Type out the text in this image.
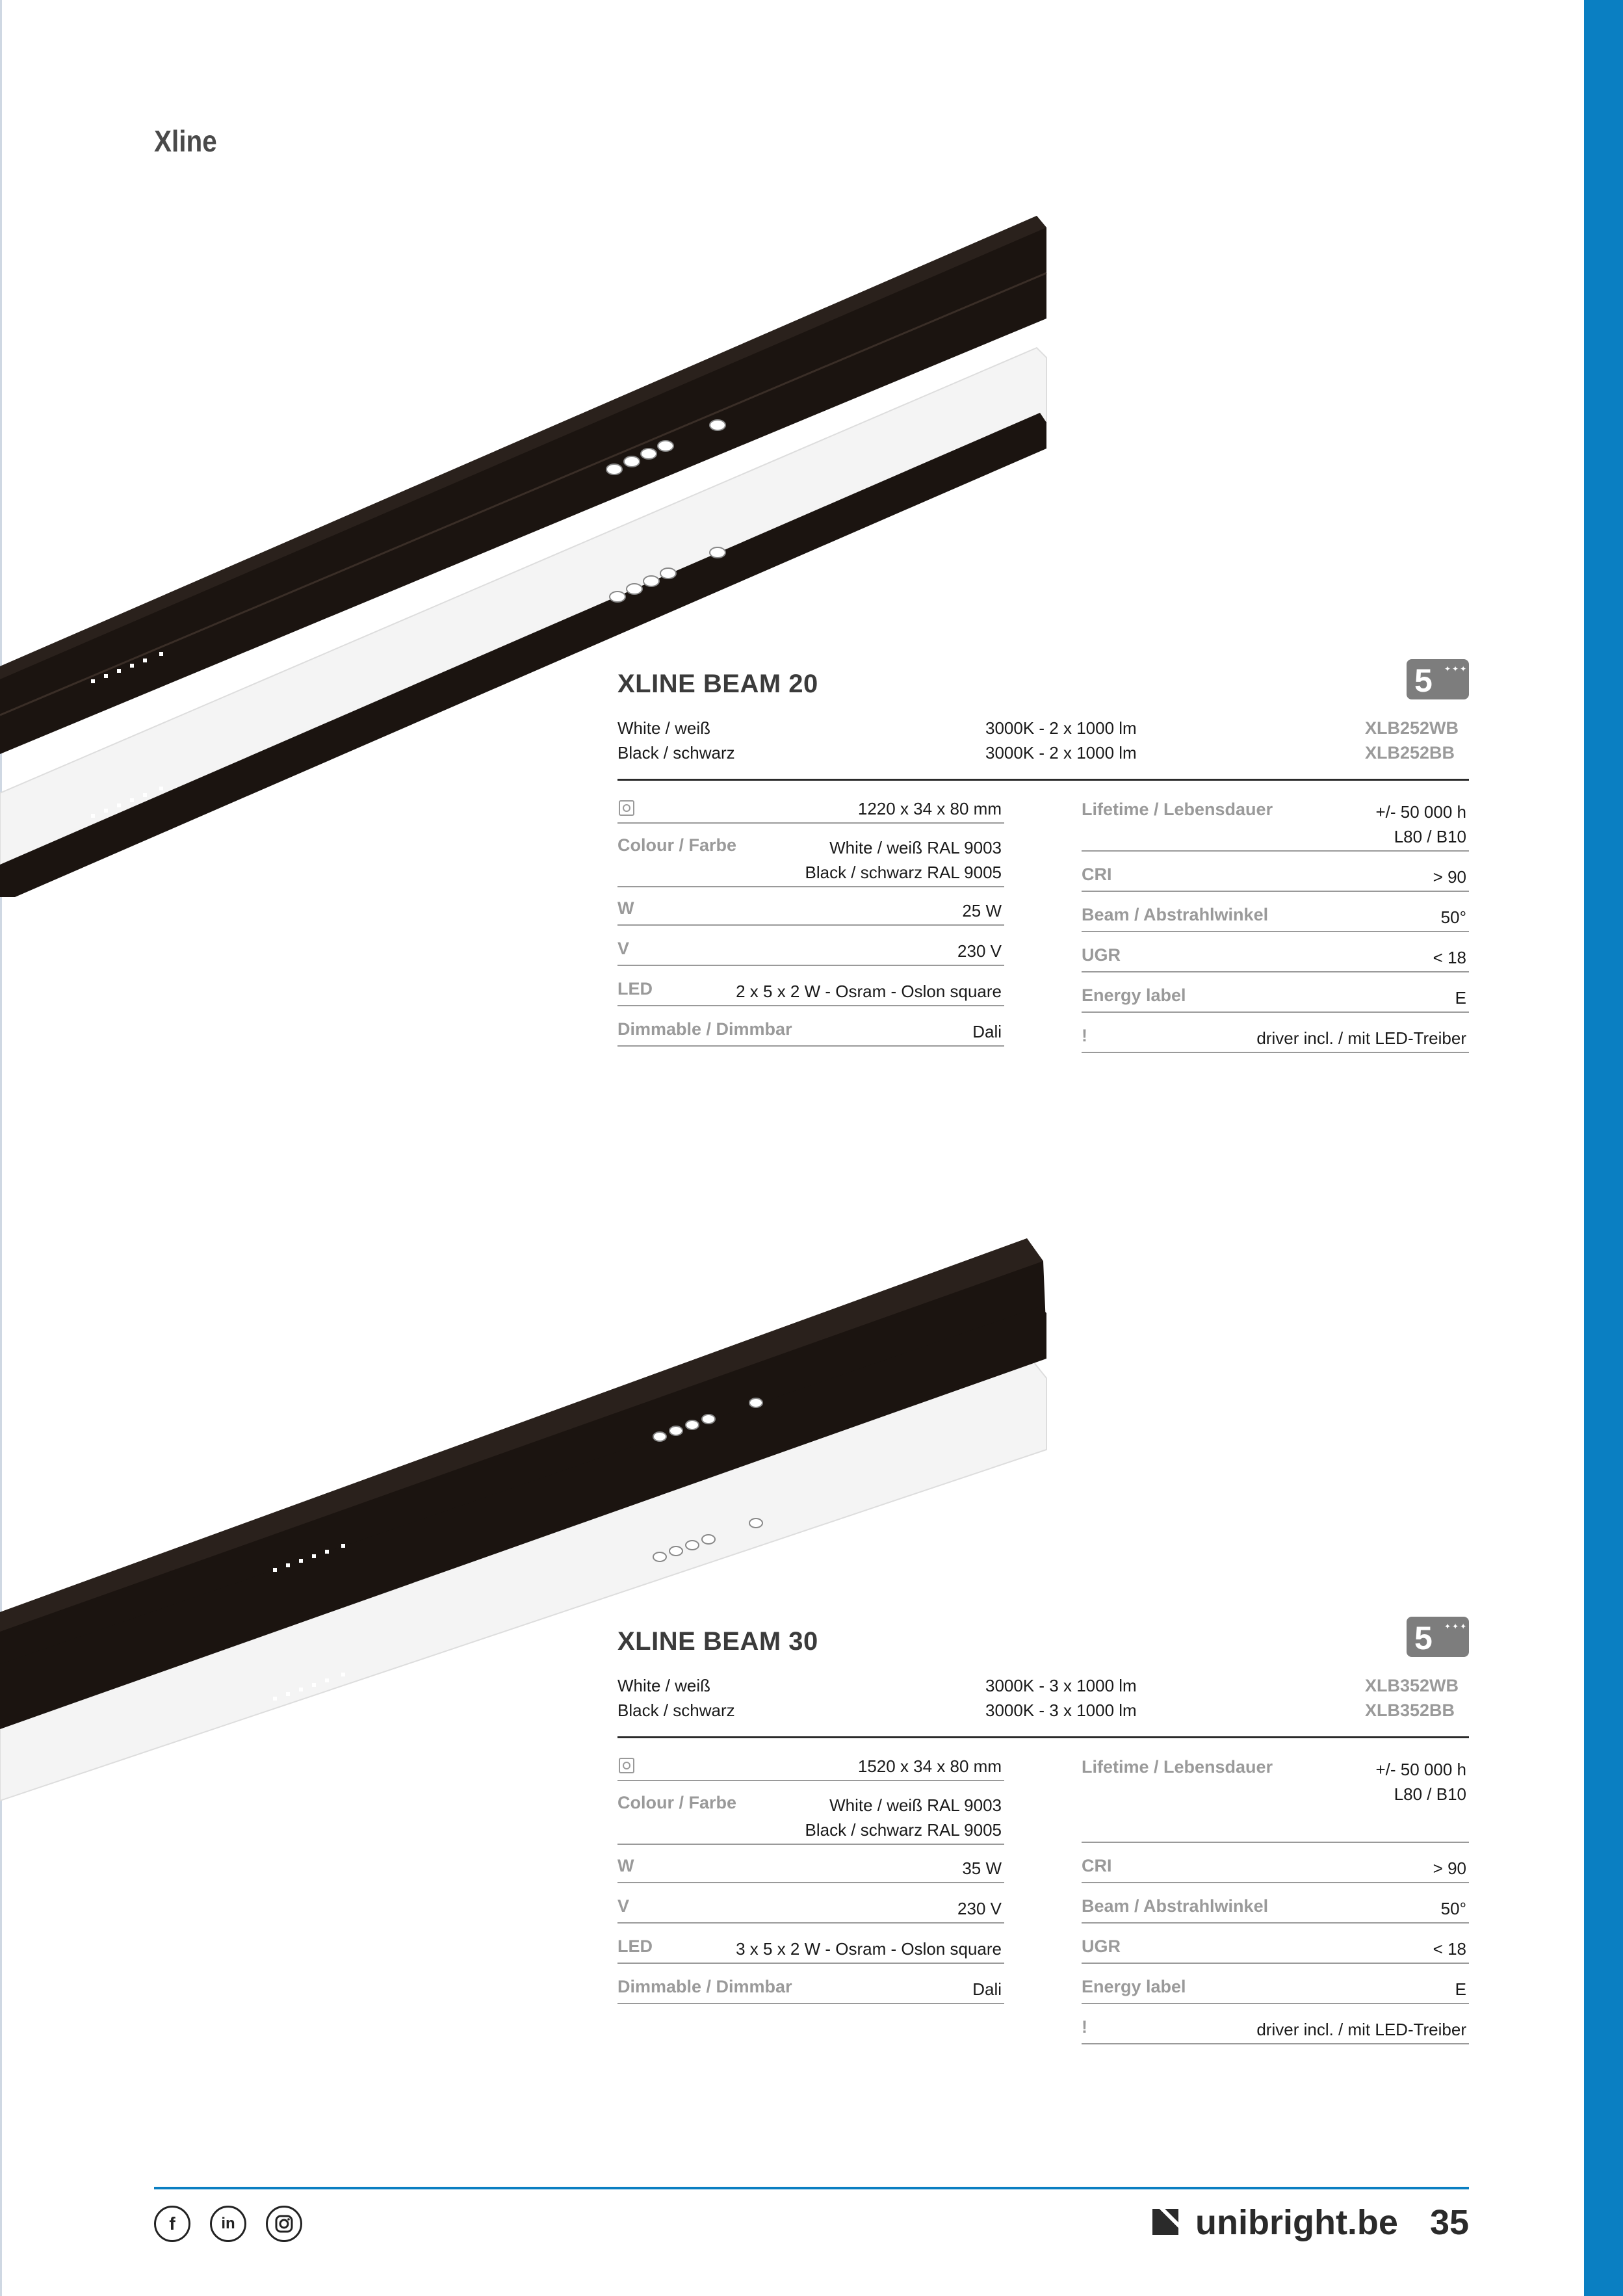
Xline
XLINE BEAM 20	5 ✦✦✦
White / weiß	3000K - 2 x 1000 lm	XLB252WB
Black / schwarz	3000K - 2 x 1000 lm	XLB252BB
1220 x 34 x 80 mm
Colour / Farbe	White / weiß RAL 9003
Black / schwarz RAL 9005
W	25 W
V	230 V
LED	2 x 5 x 2 W - Osram - Oslon square
Dimmable / Dimmbar	Dali
Lifetime / Lebensdauer	+/- 50 000 h
L80 / B10
CRI	> 90
Beam / Abstrahlwinkel	50°
UGR	< 18
Energy label	E
!	driver incl. / mit LED-Treiber
XLINE BEAM 30	5 ✦✦✦
White / weiß	3000K - 3 x 1000 lm	XLB352WB
Black / schwarz	3000K - 3 x 1000 lm	XLB352BB
1520 x 34 x 80 mm
Colour / Farbe	White / weiß RAL 9003
Black / schwarz RAL 9005
W	35 W
V	230 V
LED	3 x 5 x 2 W - Osram - Oslon square
Dimmable / Dimmbar	Dali
Lifetime / Lebensdauer	+/- 50 000 h
L80 / B10
CRI	> 90
Beam / Abstrahlwinkel	50°
UGR	< 18
Energy label	E
!	driver incl. / mit LED-Treiber
f	in	unibright.be 35
